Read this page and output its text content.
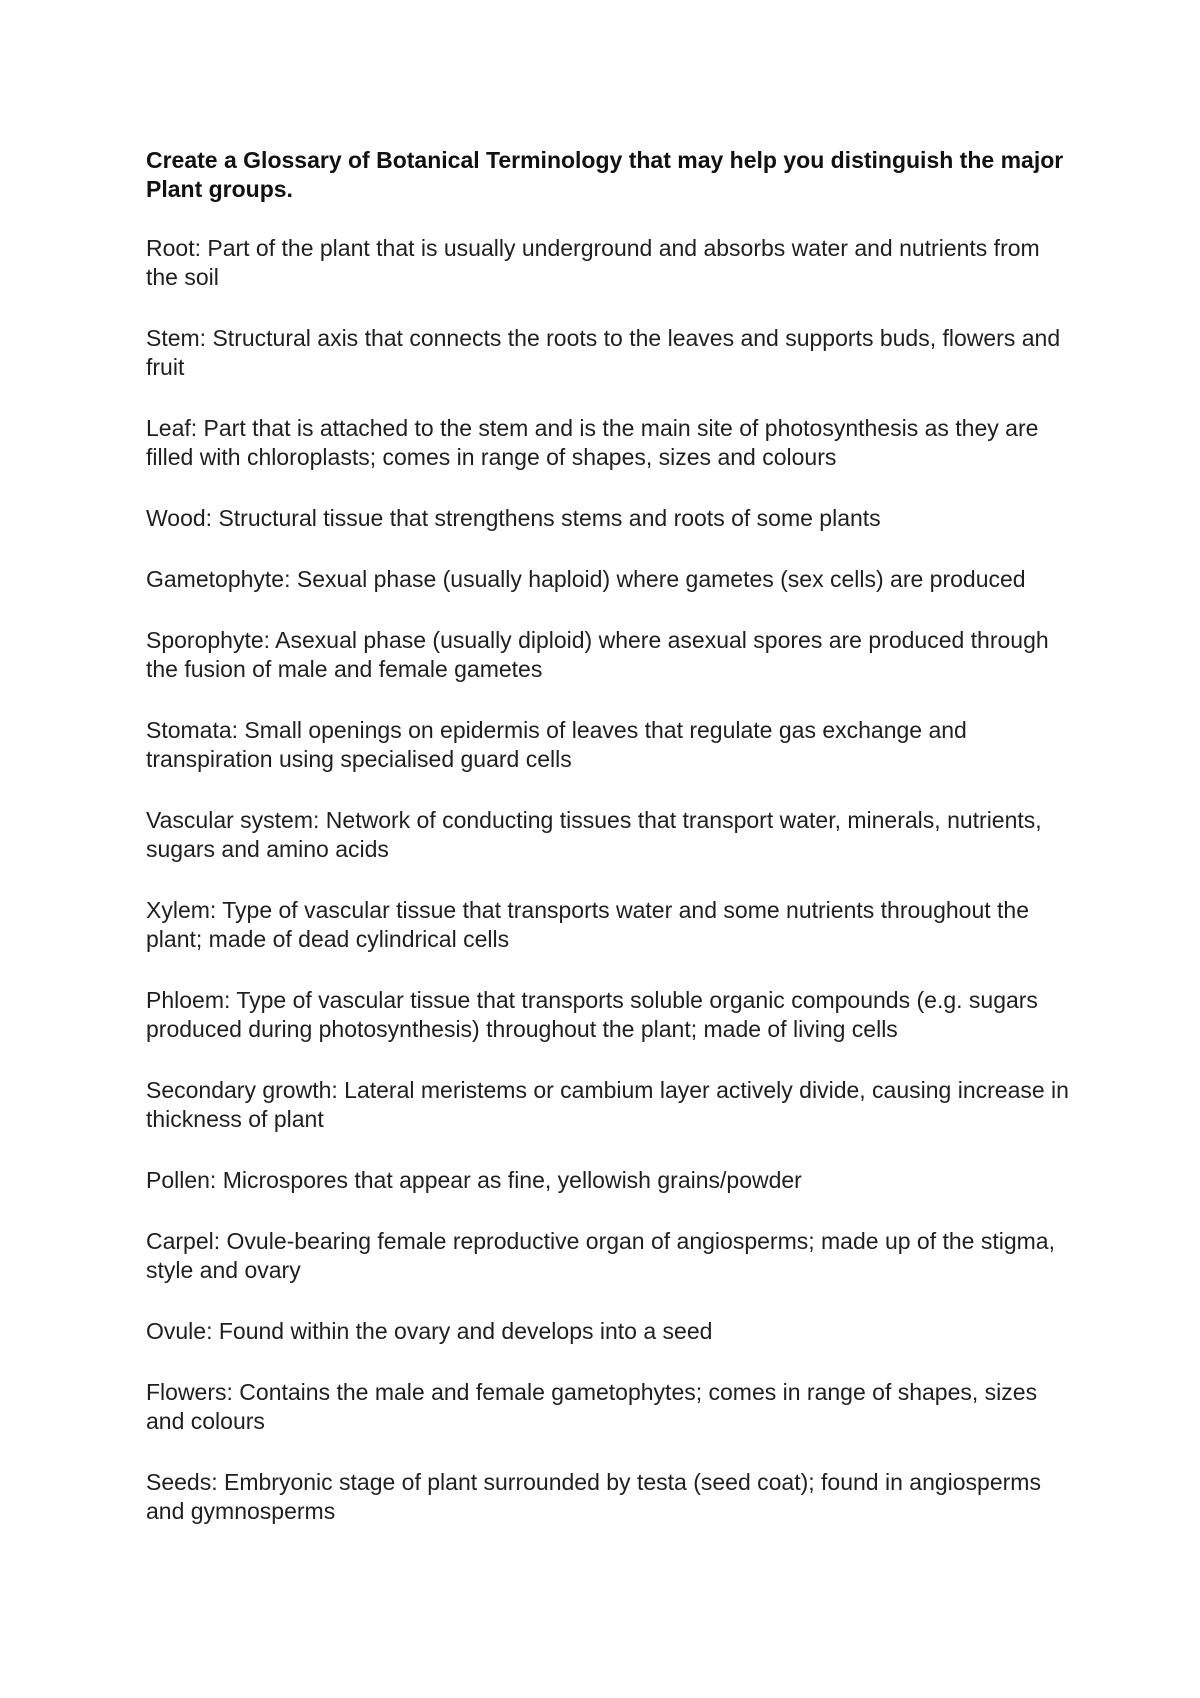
Create a Glossary of Botanical Terminology that may help you distinguish the major Plant groups.

Root: Part of the plant that is usually underground and absorbs water and nutrients from the soil

Stem: Structural axis that connects the roots to the leaves and supports buds, flowers and fruit

Leaf: Part that is attached to the stem and is the main site of photosynthesis as they are filled with chloroplasts; comes in range of shapes, sizes and colours

Wood: Structural tissue that strengthens stems and roots of some plants

Gametophyte: Sexual phase (usually haploid) where gametes (sex cells) are produced

Sporophyte: Asexual phase (usually diploid) where asexual spores are produced through the fusion of male and female gametes

Stomata: Small openings on epidermis of leaves that regulate gas exchange and transpiration using specialised guard cells

Vascular system: Network of conducting tissues that transport water, minerals, nutrients, sugars and amino acids

Xylem: Type of vascular tissue that transports water and some nutrients throughout the plant; made of dead cylindrical cells

Phloem: Type of vascular tissue that transports soluble organic compounds (e.g. sugars produced during photosynthesis) throughout the plant; made of living cells

Secondary growth: Lateral meristems or cambium layer actively divide, causing increase in thickness of plant

Pollen: Microspores that appear as fine, yellowish grains/powder

Carpel: Ovule-bearing female reproductive organ of angiosperms; made up of the stigma, style and ovary

Ovule: Found within the ovary and develops into a seed

Flowers: Contains the male and female gametophytes; comes in range of shapes, sizes and colours

Seeds: Embryonic stage of plant surrounded by testa (seed coat); found in angiosperms and gymnosperms
